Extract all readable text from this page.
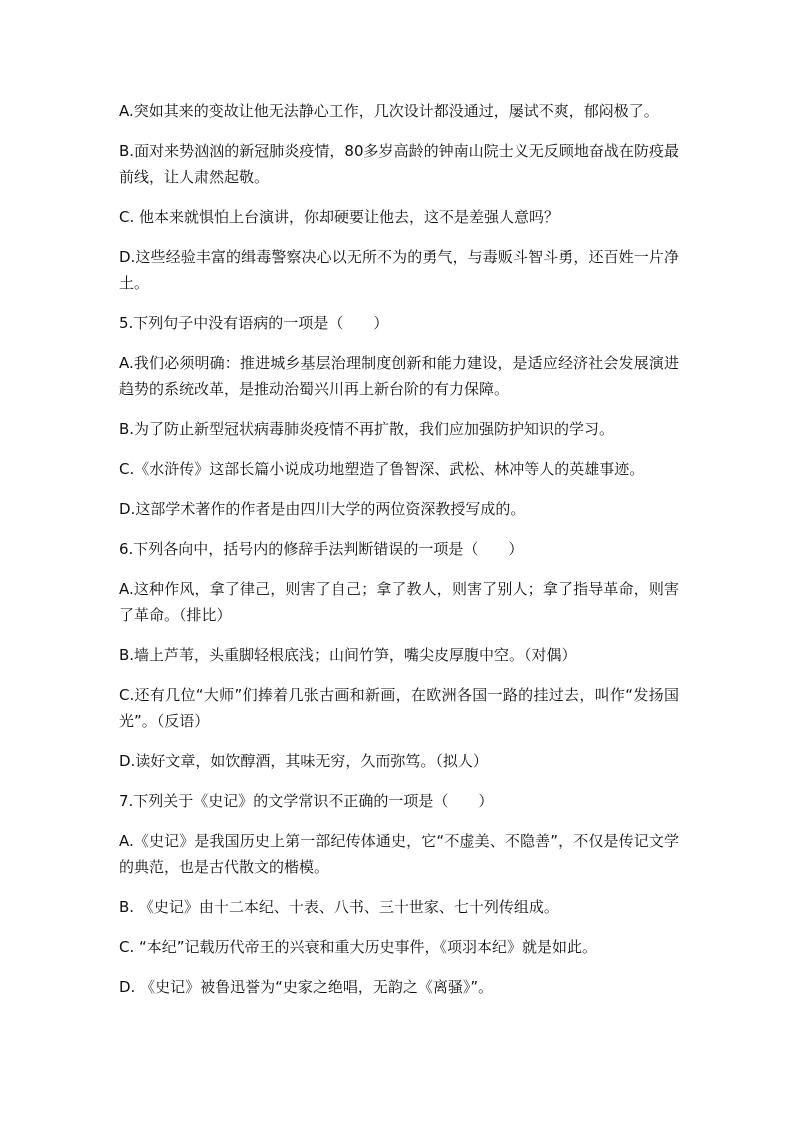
A.突如其来的变故让他无法静心工作，几次设计都没通过，屡试不爽，郁闷极了。

B.面对来势汹汹的新冠肺炎疫情，80多岁高龄的钟南山院士义无反顾地奋战在防疫最前线，让人肃然起敬。

C. 他本来就惧怕上台演讲，你却硬要让他去，这不是差强人意吗？

D.这些经验丰富的缉毒警察决心以无所不为的勇气，与毒贩斗智斗勇，还百姓一片净土。

5.下列句子中没有语病的一项是（　　）

A.我们必须明确：推进城乡基层治理制度创新和能力建设，是适应经济社会发展演进趋势的系统改革，是推动治蜀兴川再上新台阶的有力保障。

B.为了防止新型冠状病毒肺炎疫情不再扩散，我们应加强防护知识的学习。

C.《水浒传》这部长篇小说成功地塑造了鲁智深、武松、林冲等人的英雄事迹。

D.这部学术著作的作者是由四川大学的两位资深教授写成的。

6.下列各向中，括号内的修辞手法判断错误的一项是（　　）

A.这种作风，拿了律己，则害了自己；拿了教人，则害了别人；拿了指导革命，则害了革命。（排比）

B.墙上芦苇，头重脚轻根底浅；山间竹笋，嘴尖皮厚腹中空。（对偶）

C.还有几位“大师”们捧着几张古画和新画，在欧洲各国一路的挂过去，叫作“发扬国光”。（反语）

D.读好文章，如饮醇酒，其味无穷，久而弥笃。（拟人）

7.下列关于《史记》的文学常识不正确的一项是（　　）

A.《史记》是我国历史上第一部纪传体通史，它“不虚美、不隐善”，不仅是传记文学的典范，也是古代散文的楷模。

B. 《史记》由十二本纪、十表、八书、三十世家、七十列传组成。

C. “本纪”记载历代帝王的兴衰和重大历史事件，《项羽本纪》就是如此。

D. 《史记》被鲁迅誉为“史家之绝唱，无韵之《离骚》”。
